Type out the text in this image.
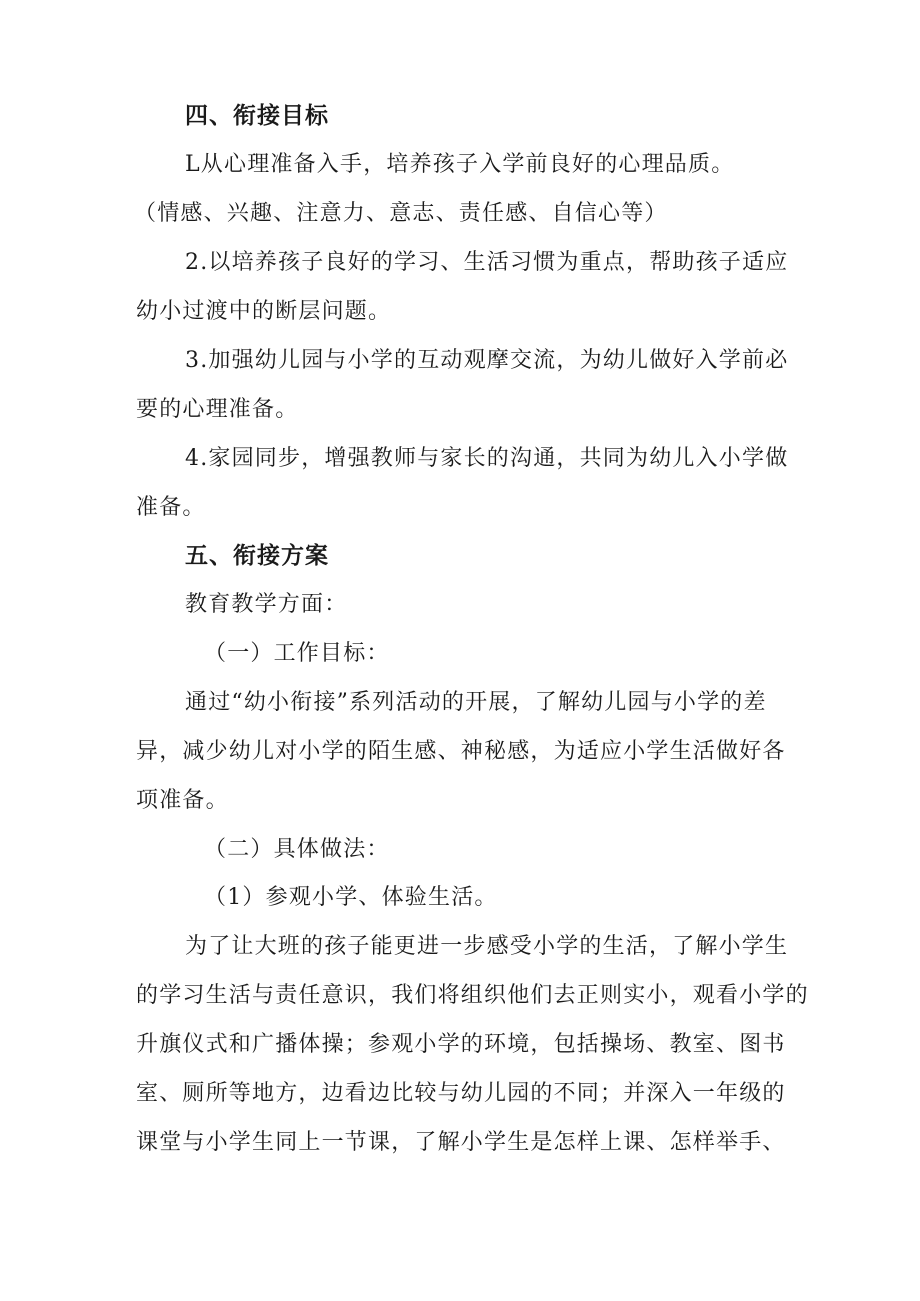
四、衔接目标
L从心理准备入手，培养孩子入学前良好的心理品质。
（情感、兴趣、注意力、意志、责任感、自信心等）
2.以培养孩子良好的学习、生活习惯为重点，帮助孩子适应
幼小过渡中的断层问题。
3.加强幼儿园与小学的互动观摩交流，为幼儿做好入学前必
要的心理准备。
4.家园同步，增强教师与家长的沟通，共同为幼儿入小学做
准备。
五、衔接方案
教育教学方面：
（一）工作目标：
通过“幼小衔接”系列活动的开展，了解幼儿园与小学的差
异，减少幼儿对小学的陌生感、神秘感，为适应小学生活做好各
项准备。
（二）具体做法：
（1）参观小学、体验生活。
为了让大班的孩子能更进一步感受小学的生活，了解小学生
的学习生活与责任意识，我们将组织他们去正则实小，观看小学的
升旗仪式和广播体操；参观小学的环境，包括操场、教室、图书
室、厕所等地方，边看边比较与幼儿园的不同；并深入一年级的
课堂与小学生同上一节课，了解小学生是怎样上课、怎样举手、
